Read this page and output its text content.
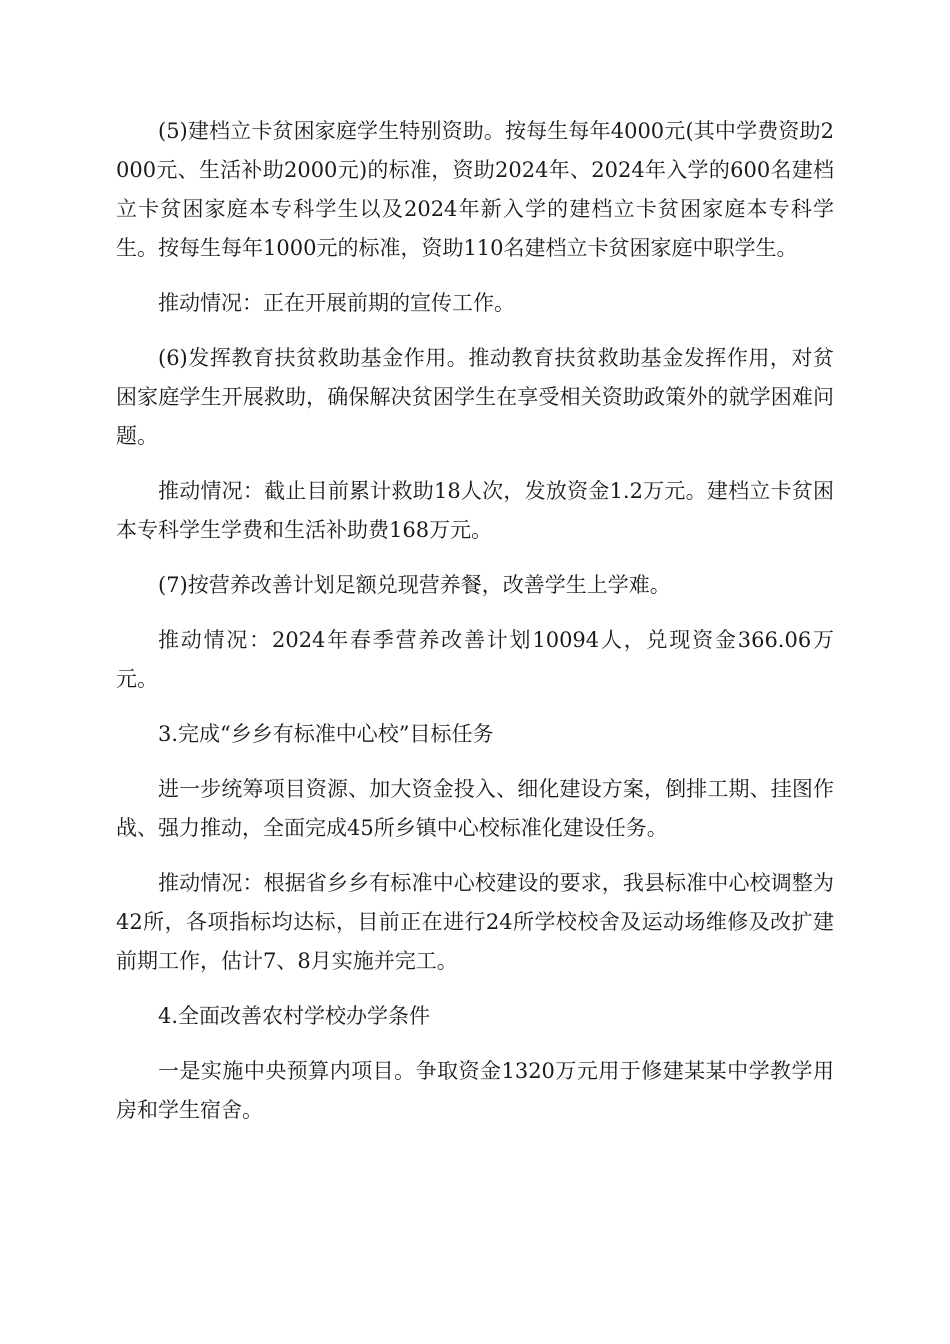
(5)建档立卡贫困家庭学生特别资助。按每生每年4000元(其中学费资助2000元、生活补助2000元)的标准，资助2024年、2024年入学的600名建档立卡贫困家庭本专科学生以及2024年新入学的建档立卡贫困家庭本专科学生。按每生每年1000元的标准，资助110名建档立卡贫困家庭中职学生。

推动情况：正在开展前期的宣传工作。

(6)发挥教育扶贫救助基金作用。推动教育扶贫救助基金发挥作用，对贫困家庭学生开展救助，确保解决贫困学生在享受相关资助政策外的就学困难问题。

推动情况：截止目前累计救助18人次，发放资金1.2万元。建档立卡贫困本专科学生学费和生活补助费168万元。

(7)按营养改善计划足额兑现营养餐，改善学生上学难。

推动情况：2024年春季营养改善计划10094人，兑现资金366.06万元。

3.完成“乡乡有标准中心校”目标任务

进一步统筹项目资源、加大资金投入、细化建设方案，倒排工期、挂图作战、强力推动，全面完成45所乡镇中心校标准化建设任务。

推动情况：根据省乡乡有标准中心校建设的要求，我县标准中心校调整为42所，各项指标均达标，目前正在进行24所学校校舍及运动场维修及改扩建前期工作，估计7、8月实施并完工。

4.全面改善农村学校办学条件

一是实施中央预算内项目。争取资金1320万元用于修建某某中学教学用房和学生宿舍。
